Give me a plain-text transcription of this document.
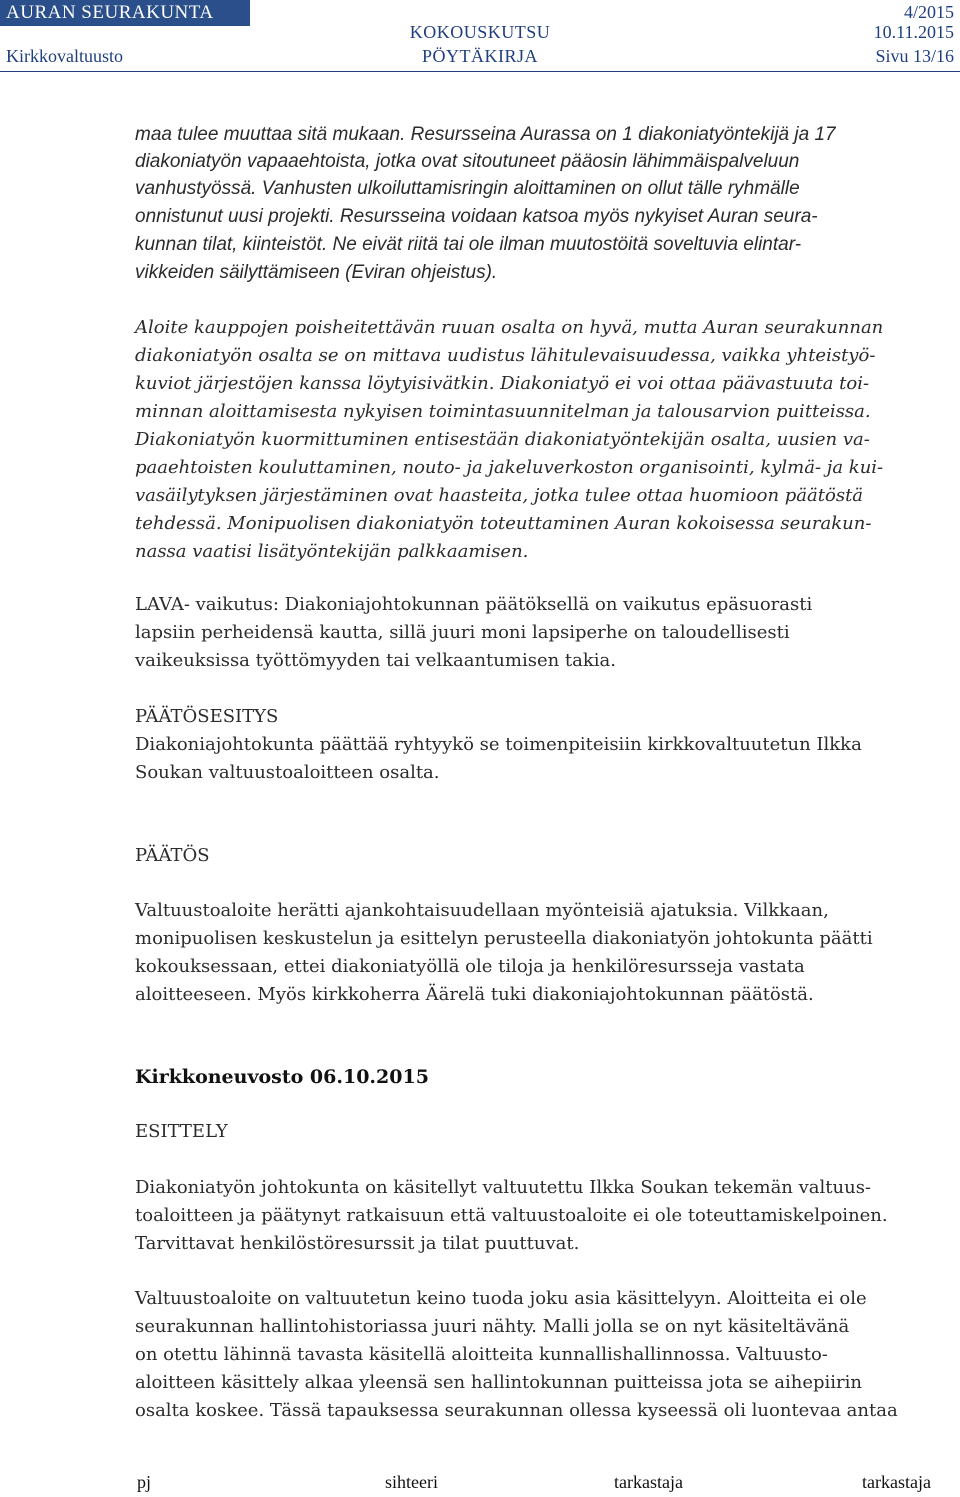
AURAN SEURAKUNTA
Kirkkovaltuusto
KOKOUSKUTSU
PÖYTÄKIRJA
4/2015
10.11.2015
Sivu 13/16
maa tulee muuttaa sitä mukaan. Resursseina Aurassa on 1 diakoniatyöntekijä ja 17
diakoniatyön vapaaehtoista, jotka ovat sitoutuneet pääosin lähimmäispalveluun
vanhustyössä. Vanhusten ulkoiluttamisringin aloittaminen on ollut tälle ryhmälle
onnistunut uusi projekti. Resursseina voidaan katsoa myös nykyiset Auran seura-
kunnan tilat, kiinteistöt. Ne eivät riitä tai ole ilman muutostöitä soveltuvia elintar-
vikkeiden säilyttämiseen (Eviran ohjeistus).
Aloite kauppojen poisheitettävän ruuan osalta on hyvä, mutta Auran seurakunnan
diakoniatyön osalta se on mittava uudistus lähitulevaisuudessa, vaikka yhteistyö-
kuviot järjestöjen kanssa löytyisivätkin. Diakoniatyö ei voi ottaa päävastuuta toi-
minnan aloittamisesta nykyisen toimintasuunnitelman ja talousarvion puitteissa.
Diakoniatyön kuormittuminen entisestään diakoniatyöntekijän osalta, uusien va-
paaehtoisten kouluttaminen, nouto- ja jakeluverkoston organisointi, kylmä- ja kui-
vasäilytyksen järjestäminen ovat haasteita, jotka tulee ottaa huomioon päätöstä
tehdessä. Monipuolisen diakoniatyön toteuttaminen Auran kokoisessa seurakun-
nassa vaatisi lisätyöntekijän palkkaamisen.
LAVA- vaikutus: Diakoniajohtokunnan päätöksellä on vaikutus epäsuorasti
lapsiin perheidensä kautta, sillä juuri moni lapsiperhe on taloudellisesti
vaikeuksissa työttömyyden tai velkaantumisen takia.
PÄÄTÖSESITYS
Diakoniajohtokunta päättää ryhtyykö se toimenpiteisiin kirkkovaltuutetun Ilkka
Soukan valtuustoaloitteen osalta.
PÄÄTÖS
Valtuustoaloite herätti ajankohtaisuudellaan myönteisiä ajatuksia. Vilkkaan,
monipuolisen keskustelun ja esittelyn perusteella diakoniatyön johtokunta päätti
kokouksessaan, ettei diakoniatyöllä ole tiloja ja henkilöresursseja vastata
aloitteeseen. Myös kirkkoherra Äärelä tuki diakoniajohtokunnan päätöstä.
Kirkkoneuvosto 06.10.2015
ESITTELY
Diakoniatyön johtokunta on käsitellyt valtuutettu Ilkka Soukan tekemän valtuus-
toaloitteen ja päätynyt ratkaisuun että valtuustoaloite ei ole toteuttamiskelpoinen.
Tarvittavat henkilöstöresurssit ja tilat puuttuvat.
Valtuustoaloite on valtuutetun keino tuoda joku asia käsittelyyn. Aloitteita ei ole
seurakunnan hallintohistoriassa juuri nähty. Malli jolla se on nyt käsiteltävänä
on otettu lähinnä tavasta käsitellä aloitteita kunnallishallinnossa. Valtuusto-
aloitteen käsittely alkaa yleensä sen hallintokunnan puitteissa jota se aihepiirin
osalta koskee. Tässä tapauksessa seurakunnan ollessa kyseessä oli luontevaa antaa
pj	sihteeri	tarkastaja	tarkastaja
